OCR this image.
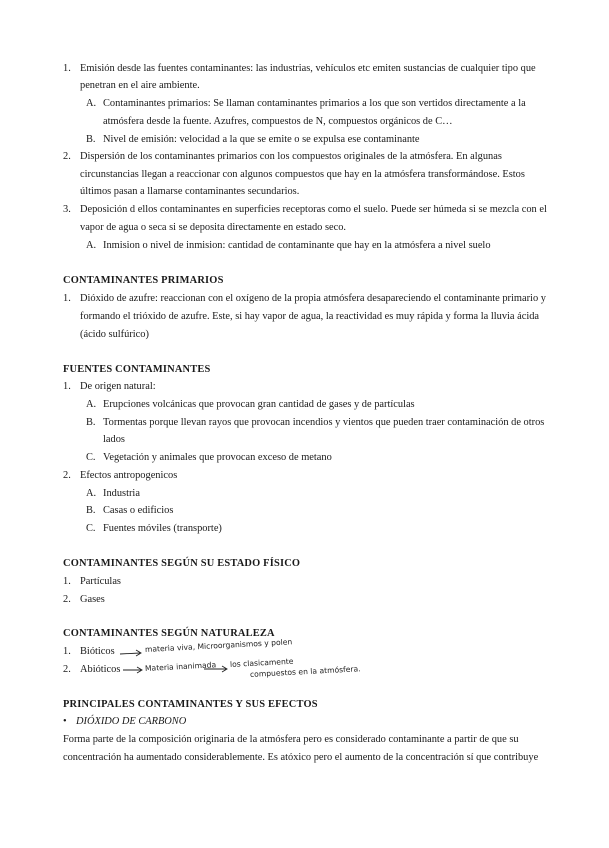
1. Emisión desde las fuentes contaminantes: las industrias, vehículos etc emiten sustancias de cualquier tipo que
penetran en el aire ambiente.
A. Contaminantes primarios: Se llaman contaminantes primarios a los que son vertidos directamente a la
atmósfera desde la fuente. Azufres, compuestos de N, compuestos orgánicos de C…
B. Nivel de emisión: velocidad a la que se emite o se expulsa ese contaminante
2. Dispersión de los contaminantes primarios con los compuestos originales de la atmósfera. En algunas
circunstancias llegan a reaccionar con algunos compuestos que hay en la atmósfera transformándose. Estos
últimos pasan a llamarse contaminantes secundarios.
3. Deposición d ellos contaminantes en superficies receptoras como el suelo. Puede ser húmeda si se mezcla con el
vapor de agua o seca si se deposita directamente en estado seco.
A. Inmision o nivel de inmision: cantidad de contaminante que hay en la atmósfera a nivel suelo
CONTAMINANTES PRIMARIOS
1. Dióxido de azufre: reaccionan con el oxígeno de la propia atmósfera desapareciendo el contaminante primario y
formando el trióxido de azufre. Este, si hay vapor de agua, la reactividad es muy rápida y forma la lluvia ácida
(ácido sulfúrico)
FUENTES CONTAMINANTES
1. De origen natural:
A. Erupciones volcánicas que provocan gran cantidad de gases y de partículas
B. Tormentas porque llevan rayos que provocan incendios y vientos que pueden traer contaminación de otros
lados
C. Vegetación y animales que provocan exceso de metano
2. Efectos antropogenicos
A. Industria
B. Casas o edificios
C. Fuentes móviles (transporte)
CONTAMINANTES SEGÚN SU ESTADO FÍSICO
1. Partículas
2. Gases
CONTAMINANTES SEGÚN NATURALEZA
1. Bióticos	materia viva, Microorganismos y polen
2. Abióticos	Materia inanimada los clasicamente
compuestos en la atmósfera.
PRINCIPALES CONTAMINANTES Y SUS EFECTOS
• DIÓXIDO DE CARBONO
Forma parte de la composición originaria de la atmósfera pero es considerado contaminante a partir de que su
concentración ha aumentado considerablemente. Es atóxico pero el aumento de la concentración sí que contribuye
